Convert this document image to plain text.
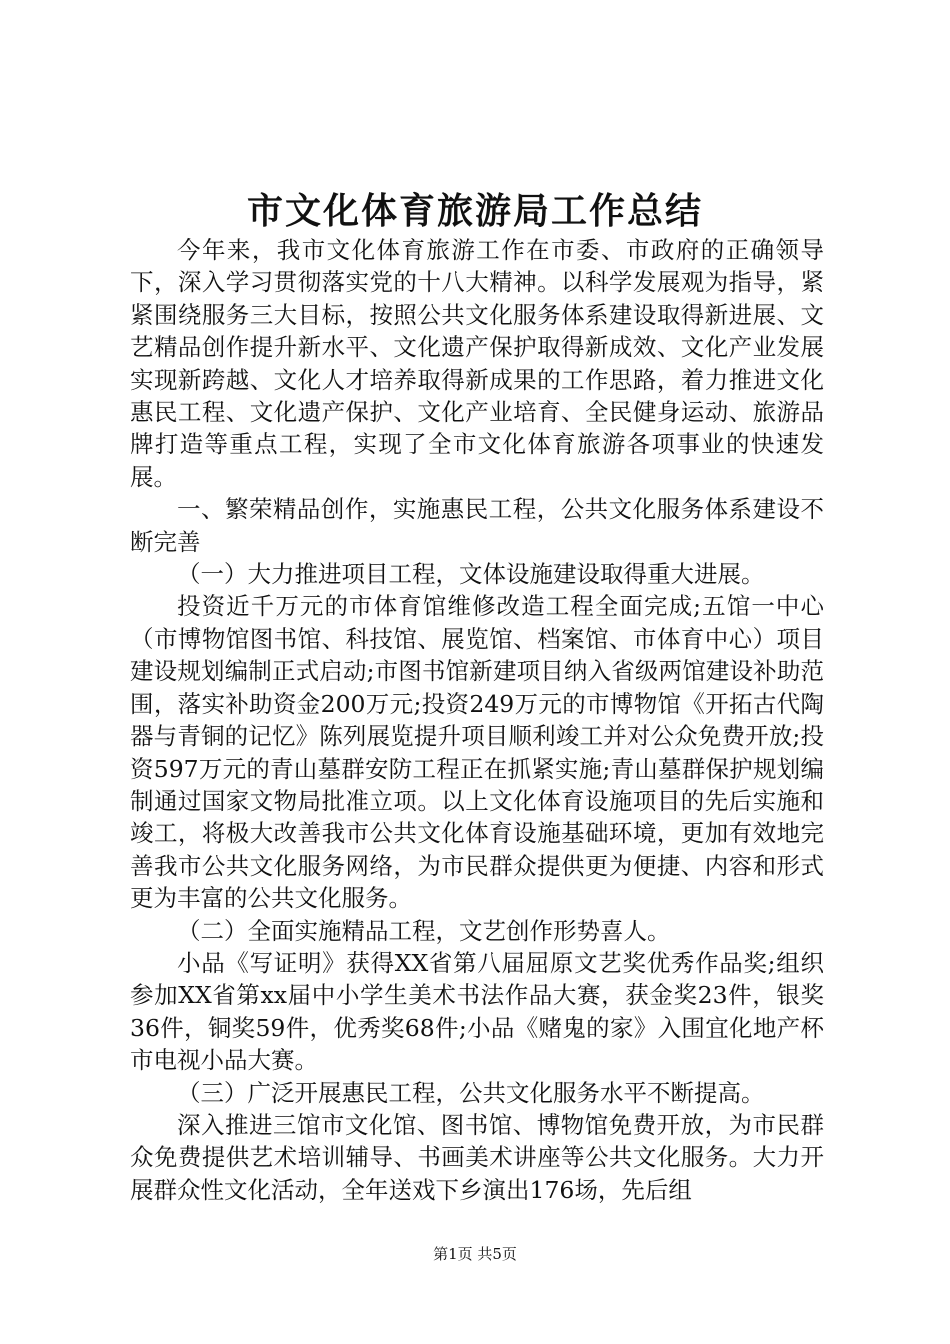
市文化体育旅游局工作总结

今年来，我市文化体育旅游工作在市委、市政府的正确领导下，深入学习贯彻落实党的十八大精神。以科学发展观为指导，紧紧围绕服务三大目标，按照公共文化服务体系建设取得新进展、文艺精品创作提升新水平、文化遗产保护取得新成效、文化产业发展实现新跨越、文化人才培养取得新成果的工作思路，着力推进文化惠民工程、文化遗产保护、文化产业培育、全民健身运动、旅游品牌打造等重点工程，实现了全市文化体育旅游各项事业的快速发展。

一、繁荣精品创作，实施惠民工程，公共文化服务体系建设不断完善

（一）大力推进项目工程，文体设施建设取得重大进展。

投资近千万元的市体育馆维修改造工程全面完成;五馆一中心（市博物馆图书馆、科技馆、展览馆、档案馆、市体育中心）项目建设规划编制正式启动;市图书馆新建项目纳入省级两馆建设补助范围，落实补助资金200万元;投资249万元的市博物馆《开拓古代陶器与青铜的记忆》陈列展览提升项目顺利竣工并对公众免费开放;投资597万元的青山墓群安防工程正在抓紧实施;青山墓群保护规划编制通过国家文物局批准立项。以上文化体育设施项目的先后实施和竣工，将极大改善我市公共文化体育设施基础环境，更加有效地完善我市公共文化服务网络，为市民群众提供更为便捷、内容和形式更为丰富的公共文化服务。

（二）全面实施精品工程，文艺创作形势喜人。

小品《写证明》获得XX省第八届屈原文艺奖优秀作品奖;组织参加XX省第xx届中小学生美术书法作品大赛，获金奖23件，银奖36件，铜奖59件，优秀奖68件;小品《赌鬼的家》入围宜化地产杯市电视小品大赛。

（三）广泛开展惠民工程，公共文化服务水平不断提高。

深入推进三馆市文化馆、图书馆、博物馆免费开放，为市民群众免费提供艺术培训辅导、书画美术讲座等公共文化服务。大力开展群众性文化活动，全年送戏下乡演出176场，先后组

第1页 共5页
